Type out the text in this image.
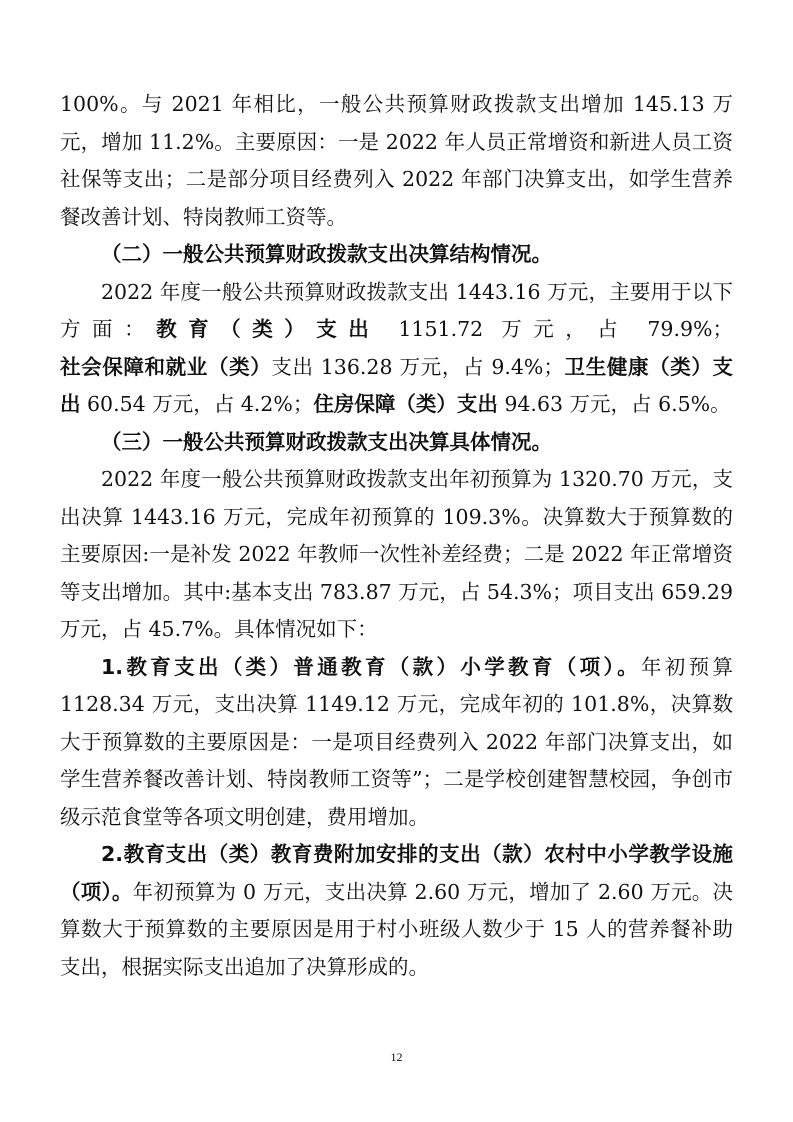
100%。与 2021 年相比，一般公共预算财政拨款支出增加 145.13 万元，增加 11.2%。主要原因：一是 2022 年人员正常增资和新进人员工资社保等支出；二是部分项目经费列入 2022 年部门决算支出，如学生营养餐改善计划、特岗教师工资等。

（二）一般公共预算财政拨款支出决算结构情况。

2022 年度一般公共预算财政拨款支出 1443.16 万元，主要用于以下方面：教育（类）支出 1151.72 万元，占 79.9%；社会保障和就业（类）支出 136.28 万元，占 9.4%；卫生健康（类）支出 60.54 万元，占 4.2%；住房保障（类）支出 94.63 万元，占 6.5%。

（三）一般公共预算财政拨款支出决算具体情况。

2022 年度一般公共预算财政拨款支出年初预算为 1320.70 万元，支出决算 1443.16 万元，完成年初预算的 109.3%。决算数大于预算数的主要原因:一是补发 2022 年教师一次性补差经费；二是 2022 年正常增资等支出增加。其中:基本支出 783.87 万元，占 54.3%；项目支出 659.29 万元，占 45.7%。具体情况如下：

1.教育支出（类）普通教育（款）小学教育（项）。年初预算 1128.34 万元，支出决算 1149.12 万元，完成年初的 101.8%，决算数大于预算数的主要原因是：一是项目经费列入 2022 年部门决算支出，如学生营养餐改善计划、特岗教师工资等”；二是学校创建智慧校园，争创市级示范食堂等各项文明创建，费用增加。

2.教育支出（类）教育费附加安排的支出（款）农村中小学教学设施（项）。年初预算为 0 万元，支出决算 2.60 万元，增加了 2.60 万元。决算数大于预算数的主要原因是用于村小班级人数少于 15 人的营养餐补助支出，根据实际支出追加了决算形成的。

12
